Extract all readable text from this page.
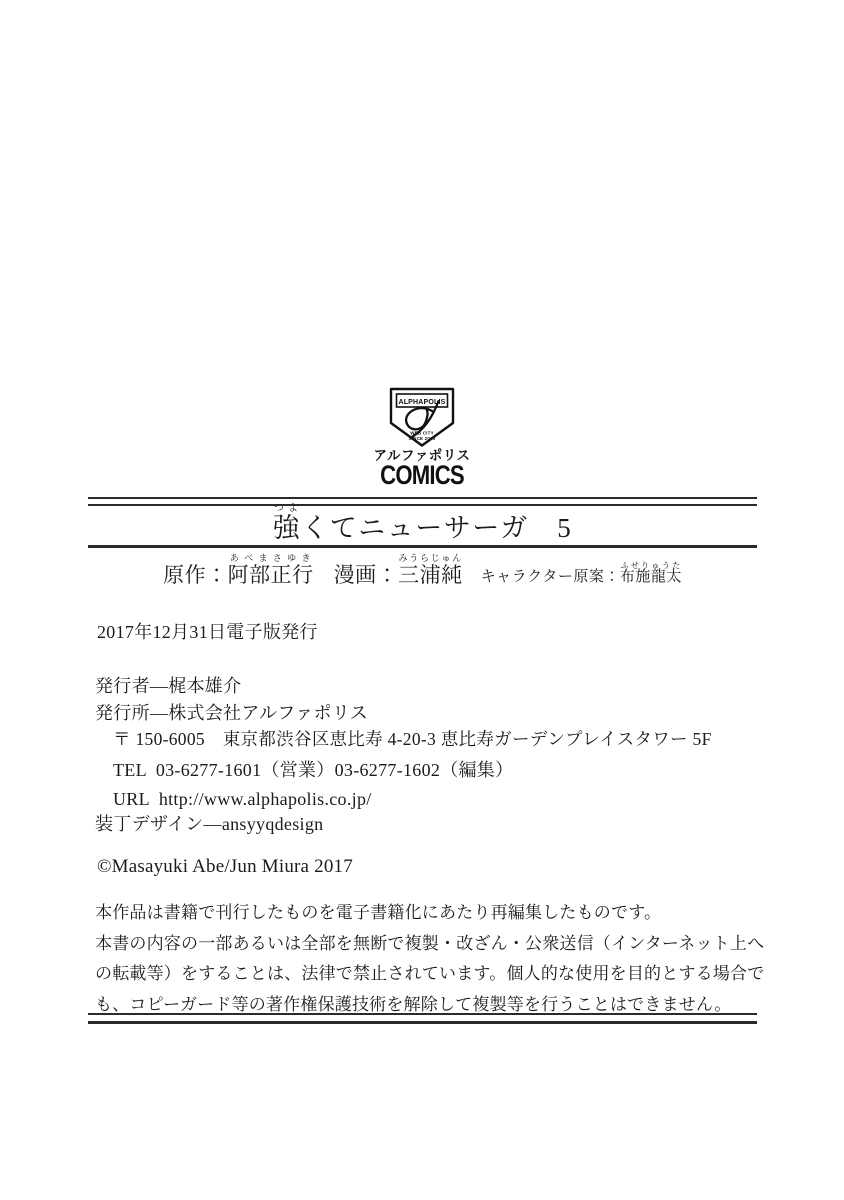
ALPHAPOLIS
WEB CITY
SINCE 2000
アルファポリス
COMICS
強つよくてニューサーガ　5
原作：阿部正行あべまさゆき漫画：三浦純みうらじゅん
キャラクター原案：布施龍太ふせりゅうた
2017年12月31日電子版発行
発行者―梶本雄介
発行所―株式会社アルファポリス
〒 150-6005　東京都渋谷区恵比寿 4-20-3 恵比寿ガーデンプレイスタワー 5F
TEL  03-6277-1601（営業）03-6277-1602（編集）
URL  http://www.alphapolis.co.jp/
装丁デザイン―ansyyqdesign
©Masayuki Abe/Jun Miura 2017
本作品は書籍で刊行したものを電子書籍化にあたり再編集したものです。
本書の内容の一部あるいは全部を無断で複製・改ざん・公衆送信（インターネット上へ
の転載等）をすることは、法律で禁止されています。個人的な使用を目的とする場合で
も、コピーガード等の著作権保護技術を解除して複製等を行うことはできません。
